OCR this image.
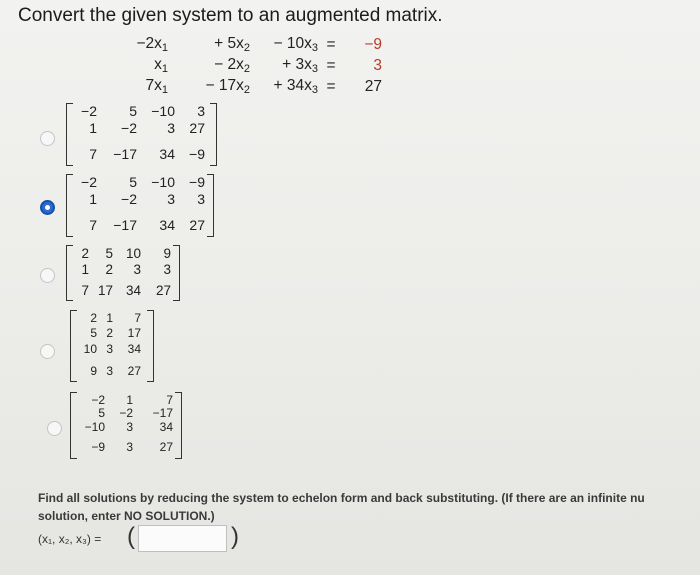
Convert the given system to an augmented matrix.
−2x1	+ 5x2	− 10x3 =	−9
x1	− 2x2	+ 3x3 =	3
7x1	− 17x2	+ 34x3 =	27
−2	5	−10	3
1	−2	3	27
7	−17	34	−9
−2	5	−10	−9
1	−2	3	3
7	−17	34	27
2	5 10	9
1	2	3	3
7 17 34	27
2 1	7
5 2	17
10 3	34
9 3	27
−2	1	7
5	−2	−17
−10	3	34
−9	3	27
Find all solutions by reducing the system to echelon form and back substituting. (If there are an infinite nu
solution, enter NO SOLUTION.)
(x₁, x₂, x₃) = (	)
